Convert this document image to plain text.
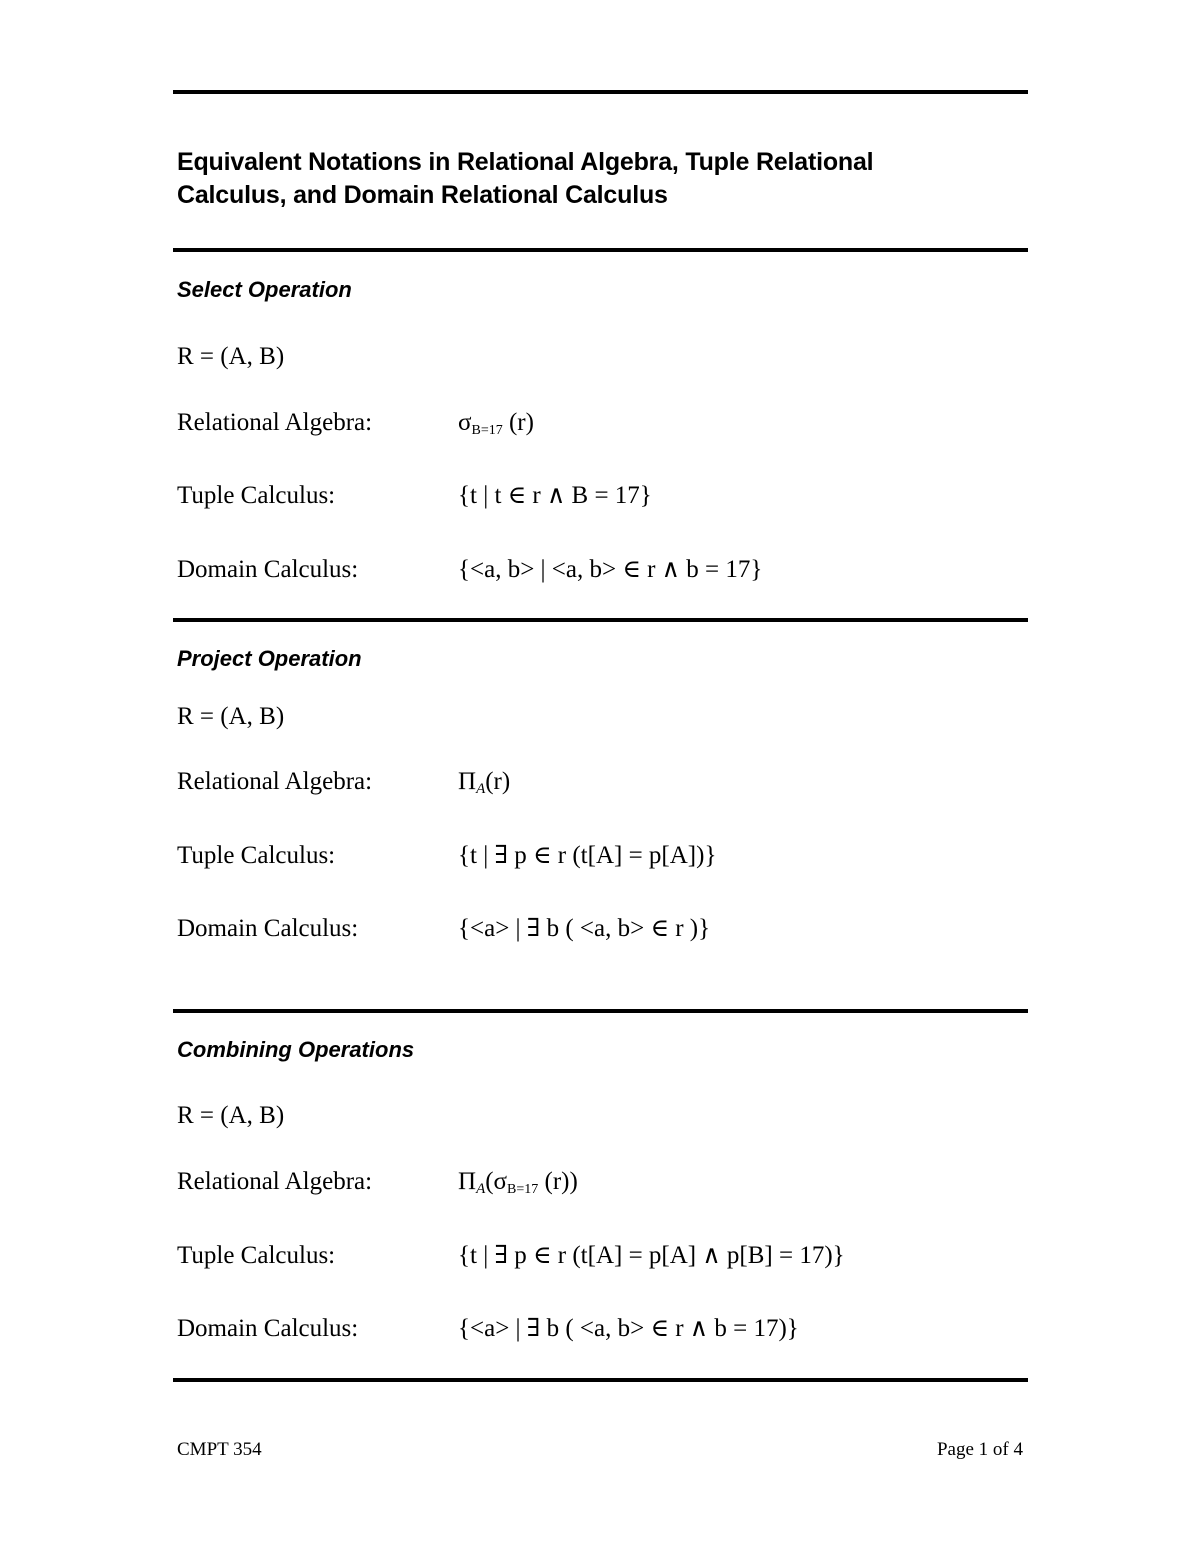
Equivalent Notations in Relational Algebra, Tuple Relational
Calculus, and Domain Relational Calculus
Select Operation
R = (A, B)
Relational Algebra:	σB=17 (r)
Tuple Calculus:	{t | t ∈ r ∧ B = 17}
Domain Calculus:	{<a, b> | <a, b> ∈ r ∧ b = 17}
Project Operation
R = (A, B)
Relational Algebra:	ΠA(r)
Tuple Calculus:	{t | ∃ p ∈ r (t[A] = p[A])}
Domain Calculus:	{<a> | ∃ b ( <a, b> ∈ r )}
Combining Operations
R = (A, B)
Relational Algebra:	ΠA(σB=17 (r))
Tuple Calculus:	{t | ∃ p ∈ r (t[A] = p[A] ∧ p[B] = 17)}
Domain Calculus:	{<a> | ∃ b ( <a, b> ∈ r ∧ b = 17)}
CMPT 354	Page 1 of 4
